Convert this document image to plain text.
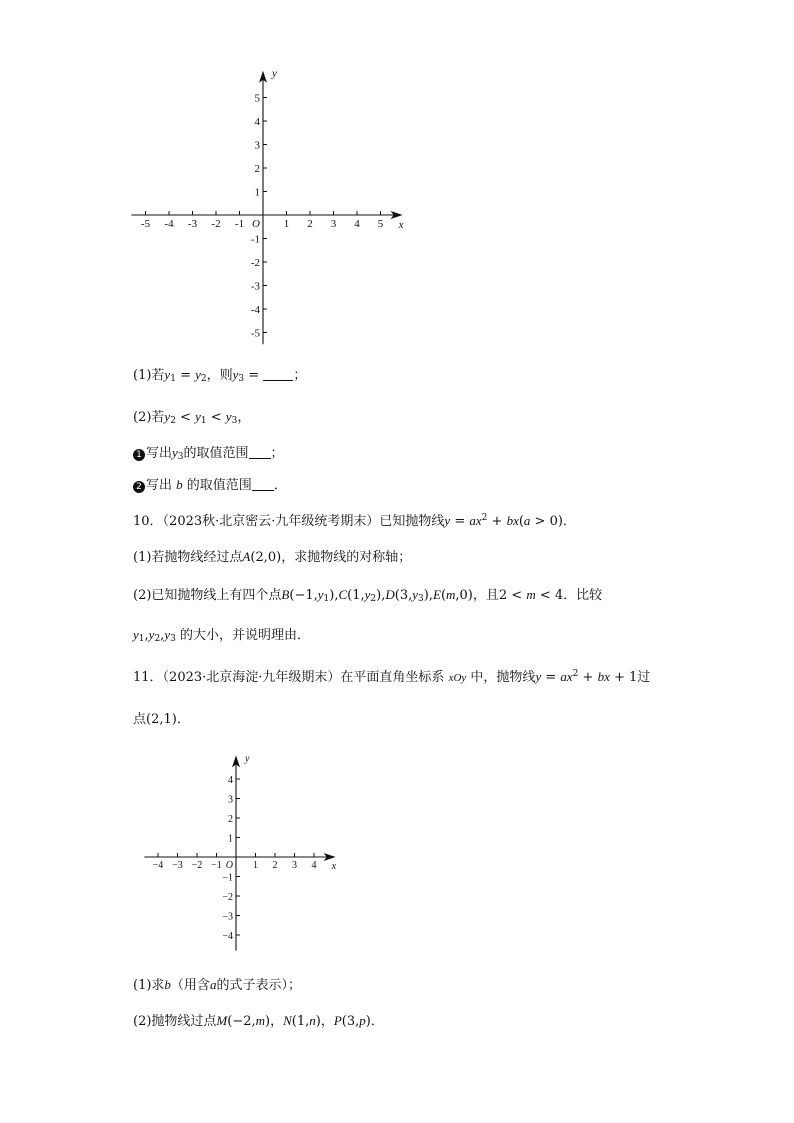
-5 -4 -3 -2 -1	1 2 3 4 5
5
4
3
2
1
-1
-2
-3
-4
-5
O	x
y
(1)若$y_1 = y_2$，则$y_3$ = ；
(2)若$y_2 < y_1 < y_3$，
1 写出$y_3$的取值范围 ；
2 写出 b 的取值范围 ．
10．（2023秋·北京密云·九年级统考期末）已知抛物线$y = ax^2 + bx(a > 0)$．
(1)若抛物线经过点A(2,0)，求抛物线的对称轴；
(2)已知抛物线上有四个点$B(-1,y_1),C(1,y_2),D(3,y_3),E(m,0)$，且2 < m < 4．比较
$y_1,y_2,y_3$ 的大小，并说明理由．
11．（2023·北京海淀·九年级期末）在平面直角坐标系 xOy 中，抛物线$y = ax^2$ + bx + 1过
点(2,1)．
−4 −3 −2 −1	1 2 3 4
4
3
2
1
−1
−2
−3
−4
O	x
y
(1)求b（用含a的式子表示）；
(2)抛物线过点M(−2,m)，N(1,n)，P(3,p)．
